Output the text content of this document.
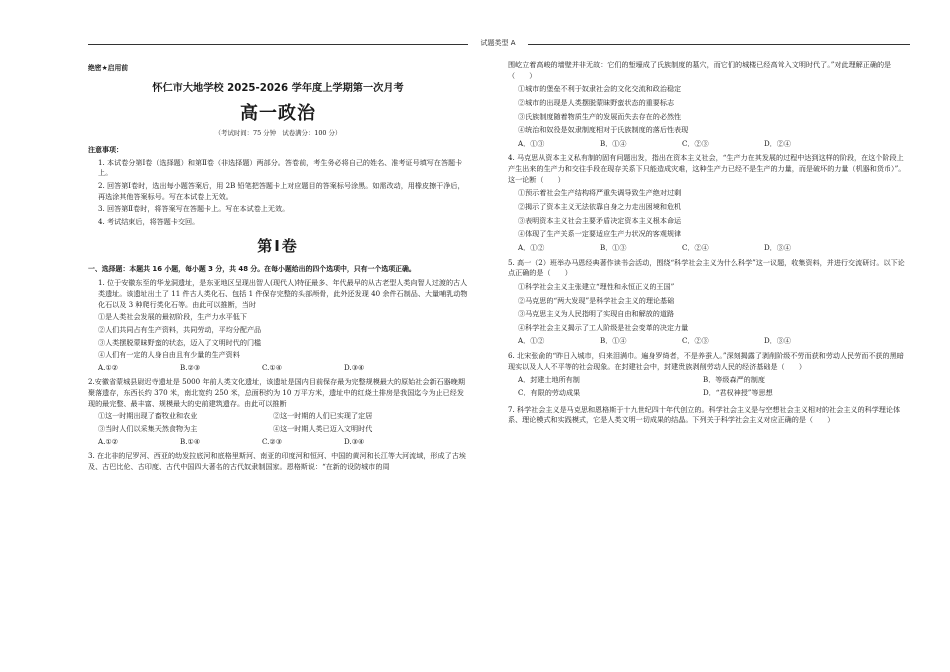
试题类型 A
绝密★启用前
怀仁市大地学校 2025-2026 学年度上学期第一次月考
高一政治
（考试时间：75 分钟　试卷满分：100 分）
注意事项：
1. 本试卷分第Ⅰ卷（选择题）和第Ⅱ卷（非选择题）两部分。答卷前，考生务必将自己的姓名、准考证号填写在答题卡上。
2. 回答第Ⅰ卷时，选出每小题答案后，用 2B 铅笔把答题卡上对应题目的答案标号涂黑。如需改动，用橡皮擦干净后，再选涂其他答案标号。写在本试卷上无效。
3. 回答第Ⅱ卷时，将答案写在答题卡上。写在本试卷上无效。
4. 考试结束后，将答题卡交回。
第Ⅰ卷
一、选择题：本题共 16 小题，每小题 3 分，共 48 分。在每小题给出的四个选项中，只有一个选项正确。
1. 位于安徽东至的华龙洞遗址，是东亚地区呈现出智人(现代人)特征最多、年代最早的从古老型人类向智人过渡的古人类遗址。该遗址出土了 11 件古人类化石、包括 1 件保存完整的头部颅骨，此外还发现 40 余件石制品、大量哺乳动物化石以及 3 种爬行类化石等。由此可以推断，当时
①是人类社会发展的最初阶段，生产力水平低下
②人们共同占有生产资料，共同劳动，平均分配产品
③人类摆脱蒙昧野蛮的状态，迈入了文明时代的门槛
④人们有一定的人身自由且有少量的生产资料
A.①②	B.②③	C.①④	D.③④
2.安徽省蒙城县尉迟寺遗址是 5000 年前人类文化遗址，该遗址是国内目前保存最为完整规模最大的原始社会新石器晚期聚落遗存，东西长约 370 米，南北宽约 250 米，总面积约为 10 万平方米，遗址中的红烧土排房是我国迄今为止已经发现的最完整、最丰富、规模最大的史前建筑遗存。由此可以推断
①这一时期出现了畜牧业和农业	②这一时期的人们已实现了定居
③当时人们以采集天然食物为主	④这一时期人类已迈入文明时代
A.①②	B.①④	C.②③	D.③④
3. 在北非的尼罗河、西亚的幼发拉底河和底格里斯河、南亚的印度河和恒河、中国的黄河和长江等大河流域，形成了古埃及、古巴比伦、古印度、古代中国四大著名的古代奴隶制国家。恩格斯说：“在新的设防城市的周
围屹立着高峻的墙壁并非无故：它们的堑壕成了氏族制度的墓穴，而它们的城楼已经高耸入文明时代了。”对此理解正确的是（　　）
①城市的堡垒不利于奴隶社会的文化交流和政治稳定
②城市的出现是人类摆脱蒙昧野蛮状态的重要标志
③氏族制度随着物质生产的发展而失去存在的必然性
④统治和奴役是奴隶制度相对于氏族制度的落后性表现
A．①③	B．①④	C．②③	D．②④
4. 马克思从资本主义私有制的固有问题出发，指出在资本主义社会，“生产力在其发展的过程中达到这样的阶段，在这个阶段上产生出来的生产力和交往手段在现存关系下只能造成灾难，这种生产力已经不是生产的力量，而是破坏的力量（机器和货币）”。这一论断（　　）
①预示着社会生产结构将严重失调导致生产绝对过剩
②揭示了资本主义无法依靠自身之力走出困境和危机
③表明资本主义社会主要矛盾决定资本主义根本命运
④体现了生产关系一定要适应生产力状况的客观规律
A．①②	B．①③	C．②④	D．③④
5. 高一（2）班举办马恩经典著作读书会活动，围绕“科学社会主义为什么科学”这一议题，收集资料，并进行交流研讨。以下论点正确的是（　　）
①科学社会主义主张建立“理性和永恒正义的王国”
②马克思的“两大发现”是科学社会主义的理论基础
③马克思主义为人民指明了实现自由和解放的道路
④科学社会主义揭示了工人阶级是社会变革的决定力量
A．①②	B．①④	C．②③	D．③④
6. 北宋张俞的“昨日入城市，归来泪满巾。遍身罗绮者，不是养蚕人。”深刻揭露了剥削阶级不劳而获和劳动人民劳而不获的黑暗现实以及人人不平等的社会现象。在封建社会中，封建贵族剥削劳动人民的经济基础是（　　）
A．封建土地所有制	B．等级森严的制度
C．有限的劳动成果	D．“君权神授”等思想
7. 科学社会主义是马克思和恩格斯于十九世纪四十年代创立的。科学社会主义是与空想社会主义相对的社会主义的科学理论体系、理论模式和实践模式，它是人类文明一切成果的结晶。下列关于科学社会主义对应正确的是（　　）
